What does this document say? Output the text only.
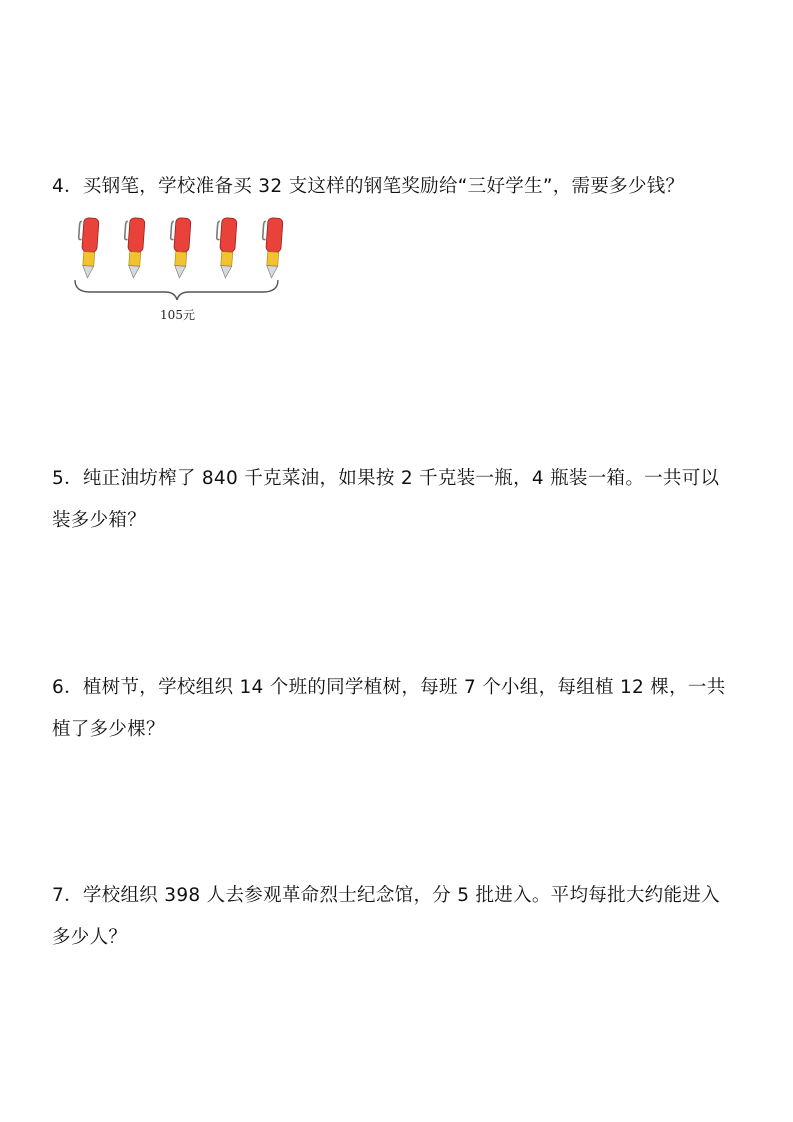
4．买钢笔，学校准备买 32 支这样的钢笔奖励给“三好学生”，需要多少钱？

105元

5．纯正油坊榨了 840 千克菜油，如果按 2 千克装一瓶，4 瓶装一箱。一共可以

装多少箱？

6．植树节，学校组织 14 个班的同学植树，每班 7 个小组，每组植 12 棵，一共

植了多少棵？

7．学校组织 398 人去参观革命烈士纪念馆，分 5 批进入。平均每批大约能进入

多少人？
